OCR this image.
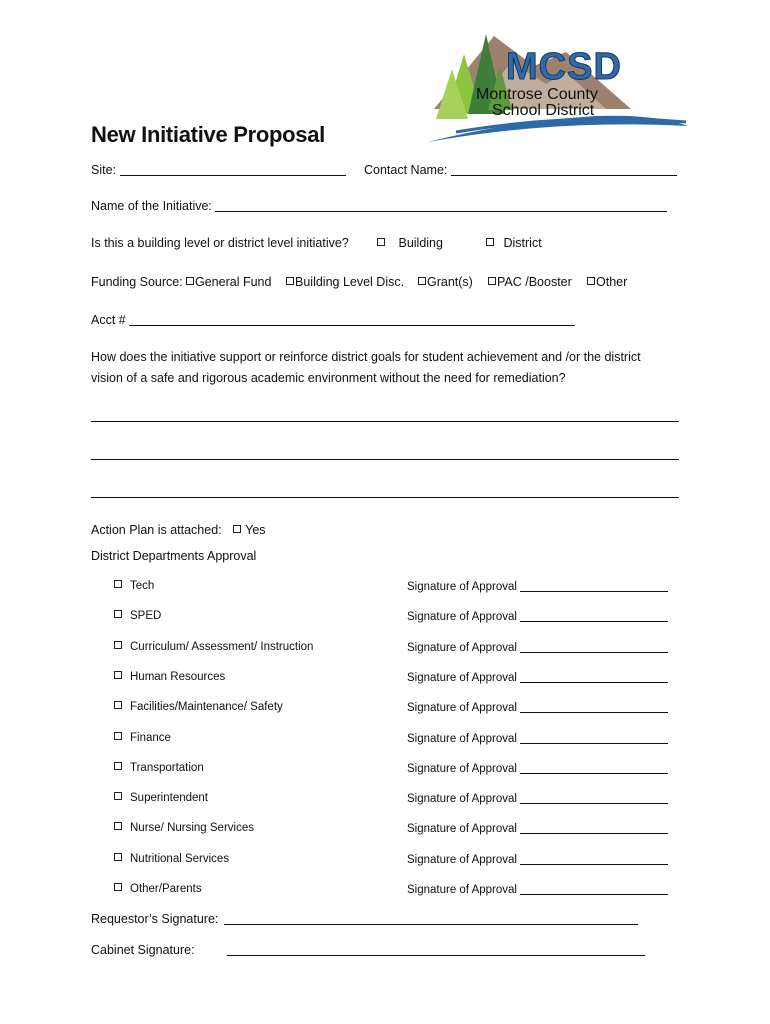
MCSD
Montrose County
School District
New Initiative Proposal
Site:	Contact Name:
Name of the Initiative:
Is this a building level or district level initiative?	Building	District
Funding Source: General Fund	Building Level Disc.	Grant(s)	PAC /Booster	Other
Acct #
How does the initiative support or reinforce district goals for student achievement and /or the district
vision of a safe and rigorous academic environment without the need for remediation?
Action Plan is attached: Yes
District Departments Approval
Tech	Signature of Approval
SPED	Signature of Approval
Curriculum/ Assessment/ Instruction	Signature of Approval
Human Resources	Signature of Approval
Facilities/Maintenance/ Safety	Signature of Approval
Finance	Signature of Approval
Transportation	Signature of Approval
Superintendent	Signature of Approval
Nurse/ Nursing Services	Signature of Approval
Nutritional Services	Signature of Approval
Other/Parents	Signature of Approval
Requestor’s Signature:
Cabinet Signature:
